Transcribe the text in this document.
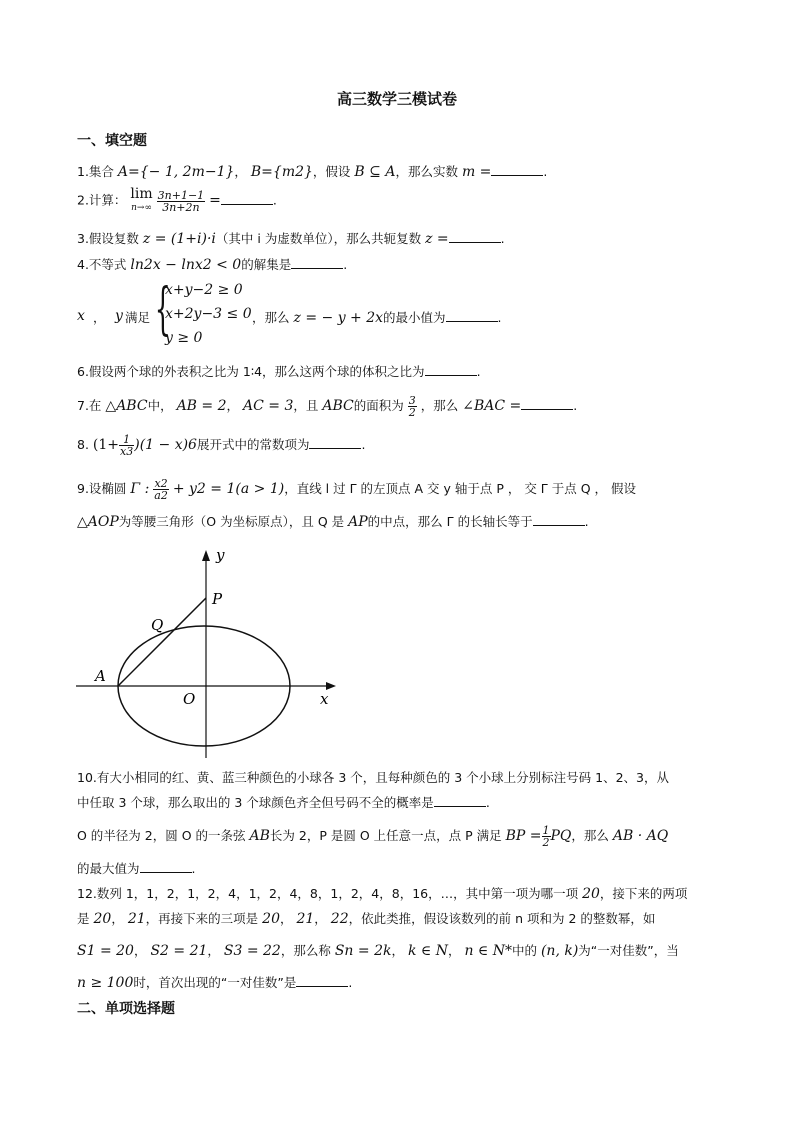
高三数学三模试卷
一、填空题
1.集合 A={− 1, 2m−1}， B={m2}，假设 B ⊆ A，那么实数 m =	.
2.计算： lim
$n\to\infty \frac{3n+1-1}{3n+2n}$ =	.
3.假设复数 z = (1+i)·i（其中 i 为虚数单位），那么共轭复数 z =	.
4.不等式 ln2x − lnx2 < 0的解集是	.
x ， y 满足 {
x+y−2 ≥ 0
x+2y−3 ≤ 0
y ≥ 0
，那么 z = − y + 2x的最小值为	.
6.假设两个球的外表积之比为 1∶4，那么这两个球的体积之比为	.
7.在 △ABC中， AB = 2， AC = 3，且 ABC的面积为 $\frac{3}{2}$ ，那么 ∠BAC =	.
8. $(1+ \frac{1}{x3} )(1 - x)6$展开式中的常数项为	.
9.设椭圆 Γ : $\frac{x2}{a2} + y2 = 1(a > 1)$，直线 l 过 Γ 的左顶点 A 交 y 轴于点 P ， 交 Γ 于点 Q ， 假设
△AOP为等腰三角形（O 为坐标原点），且 Q 是 AP的中点，那么 Γ 的长轴长等于	.
y
P
Q
A
O	x
10.有大小相同的红、黄、蓝三种颜色的小球各 3 个，且每种颜色的 3 个小球上分别标注号码 1、2、3，从
中任取 3 个球，那么取出的 3 个球颜色齐全但号码不全的概率是	.
O 的半径为 2，圆 O 的一条弦 AB长为 2，P 是圆 O 上任意一点，点 P 满足 BP = $\frac{1}{2}$ PQ，那么 AB · AQ
的最大值为	.
12.数列 1，1，2，1，2，4，1，2，4，8，1，2，4，8，16，…，其中第一项为哪一项 20，接下来的两项
是 20， 21，再接下来的三项是 20， 21， 22，依此类推，假设该数列的前 n 项和为 2 的整数幂，如
S1 = 20， S2 = 21， S3 = 22，那么称 Sn = 2k， k ∈ N， n ∈ N*中的 (n, k)为“一对佳数”，当
n ≥ 100时，首次出现的“一对佳数”是	.
二、单项选择题
